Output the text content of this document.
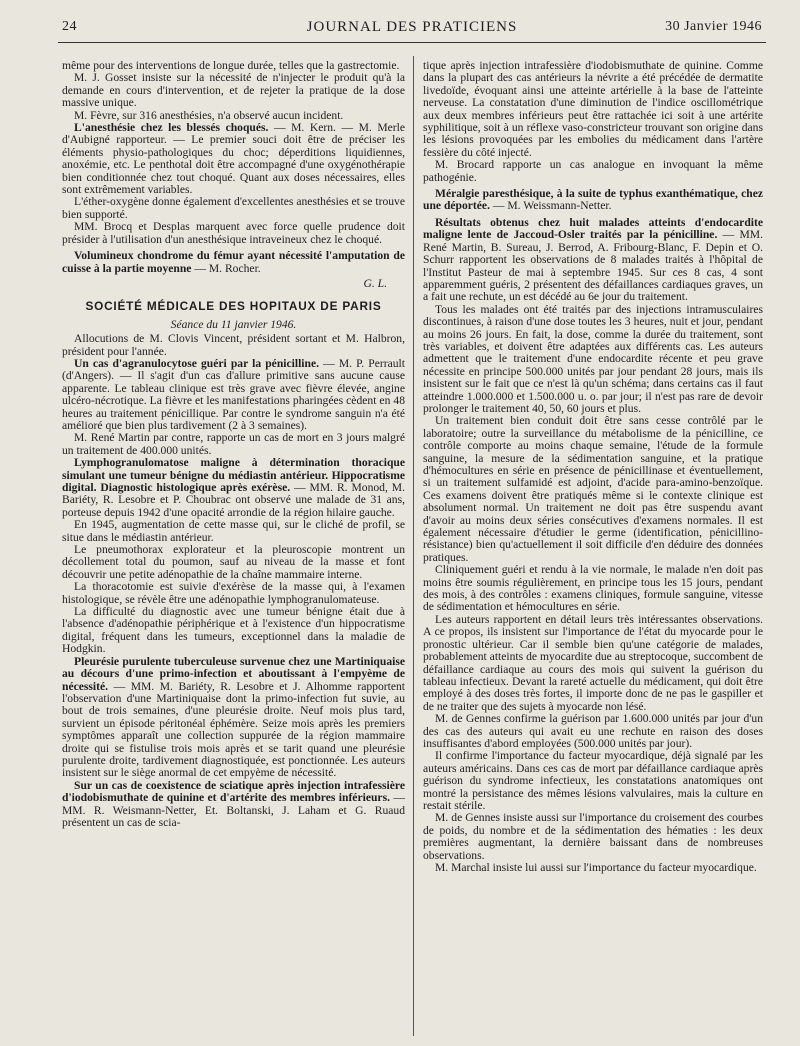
24	JOURNAL DES PRATICIENS	30 Janvier 1946

même pour des interventions de longue durée, telles que la gastrectomie.

M. J. Gosset insiste sur la nécessité de n'injecter le produit qu'à la demande en cours d'intervention, et de rejeter la pratique de la dose massive unique.

M. Fèvre, sur 316 anesthésies, n'a observé aucun incident.

L'anesthésie chez les blessés choqués. — M. Kern. — M. Merle d'Aubigné rapporteur. — Le premier souci doit être de préciser les éléments physio-pathologiques du choc; déperditions liquidiennes, anoxémie, etc. Le penthotal doit être accompagné d'une oxygénothérapie bien conditionnée chez tout choqué. Quant aux doses nécessaires, elles sont extrêmement variables.

L'éther-oxygène donne également d'excellentes anesthésies et se trouve bien supporté.

MM. Brocq et Desplas marquent avec force quelle prudence doit présider à l'utilisation d'un anesthésique intraveineux chez le choqué.

Volumineux chondrome du fémur ayant nécessité l'amputation de cuisse à la partie moyenne — M. Rocher.

G. L.

SOCIÉTÉ MÉDICALE DES HOPITAUX DE PARIS

Séance du 11 janvier 1946.

Allocutions de M. Clovis Vincent, président sortant et M. Halbron, président pour l'année.

Un cas d'agranulocytose guéri par la pénicilline. — M. P. Perrault (d'Angers). — Il s'agit d'un cas d'allure primitive sans aucune cause apparente. Le tableau clinique est très grave avec fièvre élevée, angine ulcéro-nécrotique. La fièvre et les manifestations pharingées cèdent en 48 heures au traitement pénicillique. Par contre le syndrome sanguin n'a été amélioré que bien plus tardivement (2 à 3 semaines).

M. René Martin par contre, rapporte un cas de mort en 3 jours malgré un traitement de 400.000 unités.

Lymphogranulomatose maligne à détermination thoracique simulant une tumeur bénigne du médiastin antérieur. Hippocratisme digital. Diagnostic histologique après exérèse. — MM. R. Monod, M. Bariéty, R. Lesobre et P. Choubrac ont observé une malade de 31 ans, porteuse depuis 1942 d'une opacité arrondie de la région hilaire gauche.

En 1945, augmentation de cette masse qui, sur le cliché de profil, se situe dans le médiastin antérieur.

Le pneumothorax explorateur et la pleuroscopie montrent un décollement total du poumon, sauf au niveau de la masse et font découvrir une petite adénopathie de la chaîne mammaire interne.

La thoracotomie est suivie d'exérèse de la masse qui, à l'examen histologique, se révèle être une adénopathie lymphogranulomateuse.

La difficulté du diagnostic avec une tumeur bénigne était due à l'absence d'adénopathie périphérique et à l'existence d'un hippocratisme digital, fréquent dans les tumeurs, exceptionnel dans la maladie de Hodgkin.

Pleurésie purulente tuberculeuse survenue chez une Martiniquaise au décours d'une primo-infection et aboutissant à l'empyème de nécessité. — MM. M. Bariéty, R. Lesobre et J. Alhomme rapportent l'observation d'une Martiniquaise dont la primo-infection fut suvie, au bout de trois semaines, d'une pleurésie droite. Neuf mois plus tard, survient un épisode péritonéal éphémère. Seize mois après les premiers symptômes apparaît une collection suppurée de la région mammaire droite qui se fistulise trois mois après et se tarit quand une pleurésie purulente droite, tardivement diagnostiquée, est ponctionnée. Les auteurs insistent sur le siège anormal de cet empyème de nécessité.

Sur un cas de coexistence de sciatique après injection intrafessière d'iodobismuthate de quinine et d'artérite des membres inférieurs. — MM. R. Weismann-Netter, Et. Boltanski, J. Laham et G. Ruaud présentent un cas de scia-

tique après injection intrafessière d'iodobismuthate de quinine. Comme dans la plupart des cas antérieurs la névrite a été précédée de dermatite livedoïde, évoquant ainsi une atteinte artérielle à la base de l'atteinte nerveuse. La constatation d'une diminution de l'indice oscillométrique aux deux membres inférieurs peut être rattachée ici soit à une artérite syphilitique, soit à un réflexe vaso-constricteur trouvant son origine dans les lésions provoquées par les embolies du médicament dans l'artère fessière du côté injecté.

M. Brocard rapporte un cas analogue en invoquant la même pathogénie.

Méralgie paresthésique, à la suite de typhus exanthématique, chez une déportée. — M. Weissmann-Netter.

Résultats obtenus chez huit malades atteints d'endocardite maligne lente de Jaccoud-Osler traités par la pénicilline. — MM. René Martin, B. Sureau, J. Berrod, A. Fribourg-Blanc, F. Depin et O. Schurr rapportent les observations de 8 malades traités à l'hôpital de l'Institut Pasteur de mai à septembre 1945. Sur ces 8 cas, 4 sont apparemment guéris, 2 présentent des défaillances cardiaques graves, un a fait une rechute, un est décédé au 6e jour du traitement.

Tous les malades ont été traités par des injections intramusculaires discontinues, à raison d'une dose toutes les 3 heures, nuit et jour, pendant au moins 26 jours. En fait, la dose, comme la durée du traitement, sont très variables, et doivent être adaptées aux différents cas. Les auteurs admettent que le traitement d'une endocardite récente et peu grave nécessite en principe 500.000 unités par jour pendant 28 jours, mais ils insistent sur le fait que ce n'est là qu'un schéma; dans certains cas il faut atteindre 1.000.000 et 1.500.000 u. o. par jour; il n'est pas rare de devoir prolonger le traitement 40, 50, 60 jours et plus.

Un traitement bien conduit doit être sans cesse contrôlé par le laboratoire; outre la surveillance du métabolisme de la pénicilline, ce contrôle comporte au moins chaque semaine, l'étude de la formule sanguine, la mesure de la sédimentation sanguine, et la pratique d'hémocultures en série en présence de pénicillinase et éventuellement, si un traitement sulfamidé est adjoint, d'acide para-amino-benzoïque. Ces examens doivent être pratiqués même si le contexte clinique est absolument normal. Un traitement ne doit pas être suspendu avant d'avoir au moins deux séries consécutives d'examens normales. Il est également nécessaire d'étudier le germe (identification, pénicillino-résistance) bien qu'actuellement il soit difficile d'en déduire des données pratiques.

Cliniquement guéri et rendu à la vie normale, le malade n'en doit pas moins être soumis régulièrement, en principe tous les 15 jours, pendant des mois, à des contrôles : examens cliniques, formule sanguine, vitesse de sédimentation et hémocultures en série.

Les auteurs rapportent en détail leurs très intéressantes observations. A ce propos, ils insistent sur l'importance de l'état du myocarde pour le pronostic ultérieur. Car il semble bien qu'une catégorie de malades, probablement atteints de myocardite due au streptocoque, succombent de défaillance cardiaque au cours des mois qui suivent la guérison du tableau infectieux. Devant la rareté actuelle du médicament, qui doit être employé à des doses très fortes, il importe donc de ne pas le gaspiller et de ne traiter que des sujets à myocarde non lésé.

M. de Gennes confirme la guérison par 1.600.000 unités par jour d'un des cas des auteurs qui avait eu une rechute en raison des doses insuffisantes d'abord employées (500.000 unités par jour).

Il confirme l'importance du facteur myocardique, déjà signalé par les auteurs américains. Dans ces cas de mort par défaillance cardiaque après guérison du syndrome infectieux, les constatations anatomiques ont montré la persistance des mêmes lésions valvulaires, mais la culture en restait stérile.

M. de Gennes insiste aussi sur l'importance du croisement des courbes de poids, du nombre et de la sédimentation des hématies : les deux premières augmentant, la dernière baissant dans de nombreuses observations.

M. Marchal insiste lui aussi sur l'importance du facteur myocardique.
